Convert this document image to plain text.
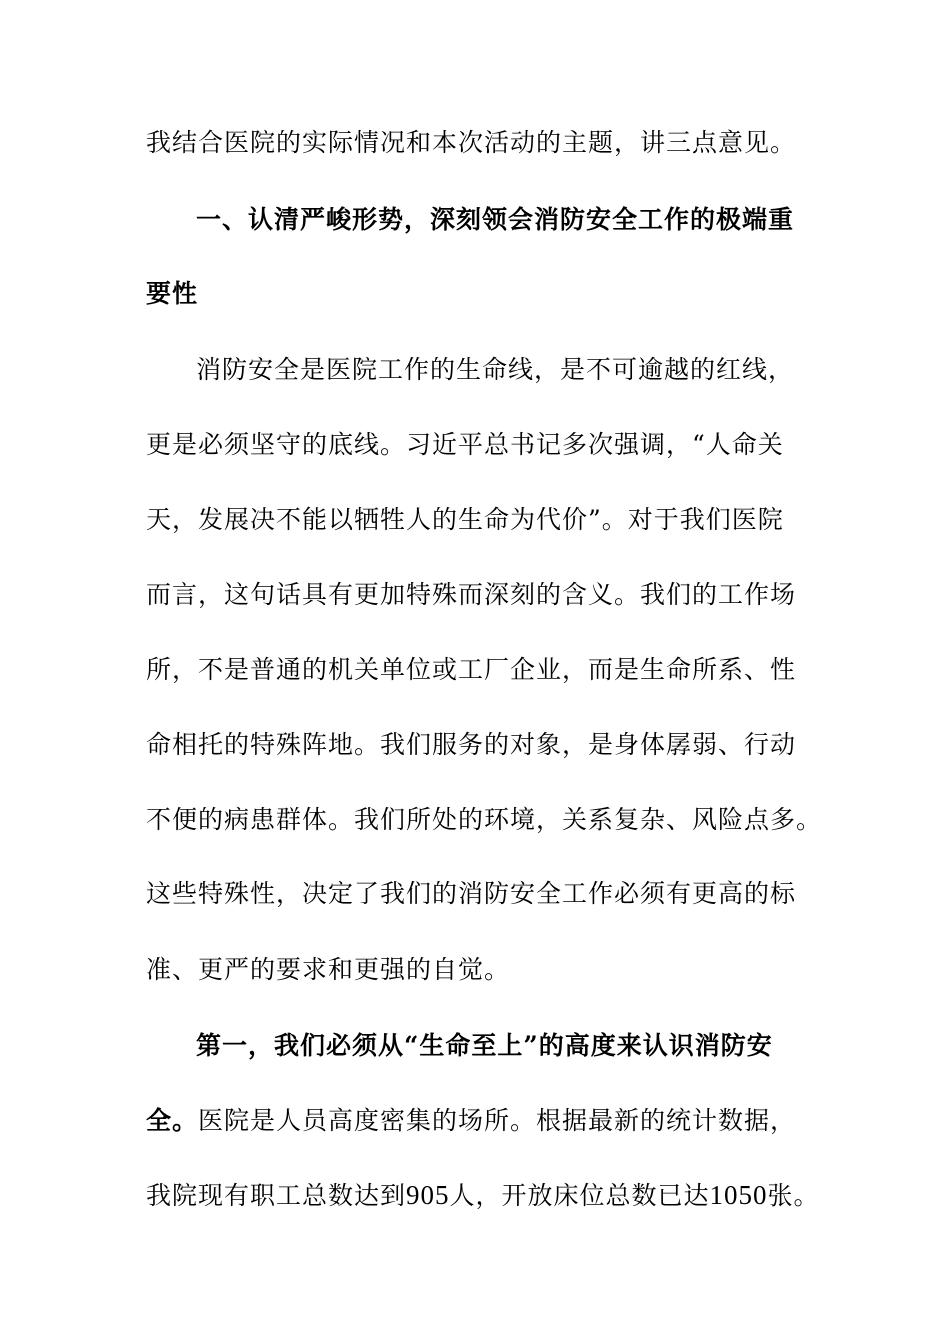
我结合医院的实际情况和本次活动的主题，讲三点意见。
一、认清严峻形势，深刻领会消防安全工作的极端重
要性
消防安全是医院工作的生命线，是不可逾越的红线，
更是必须坚守的底线。习近平总书记多次强调，“人命关
天，发展决不能以牺牲人的生命为代价”。对于我们医院
而言，这句话具有更加特殊而深刻的含义。我们的工作场
所，不是普通的机关单位或工厂企业，而是生命所系、性
命相托的特殊阵地。我们服务的对象，是身体孱弱、行动
不便的病患群体。我们所处的环境，关系复杂、风险点多。
这些特殊性，决定了我们的消防安全工作必须有更高的标
准、更严的要求和更强的自觉。
第一，我们必须从“生命至上”的高度来认识消防安
全。医院是人员高度密集的场所。根据最新的统计数据，
我院现有职工总数达到905人，开放床位总数已达1050张。
